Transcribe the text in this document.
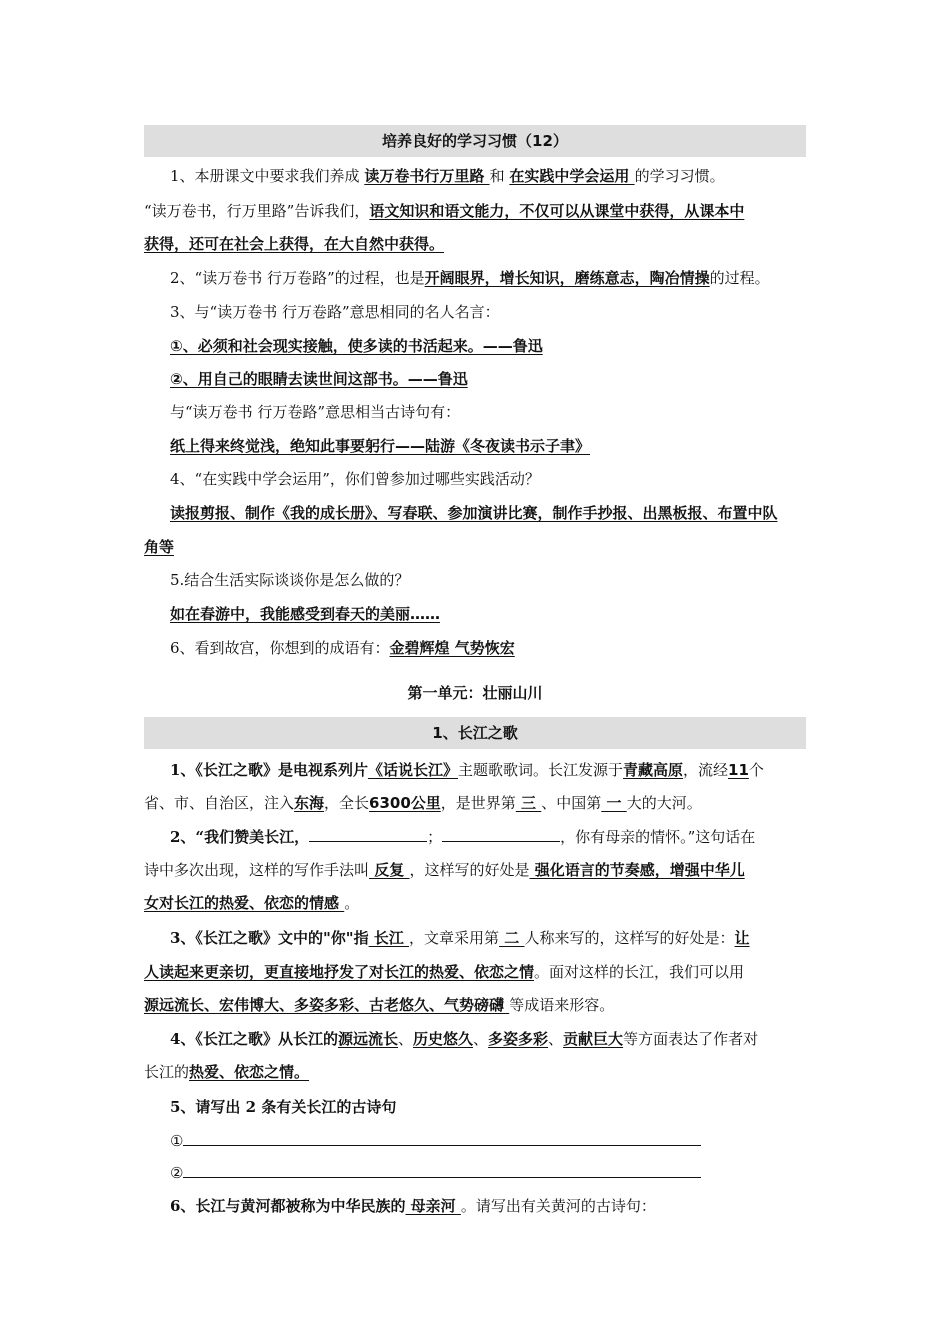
培养良好的学习习惯（12）
1、本册课文中要求我们养成 读万卷书行万里路 和 在实践中学会运用 的学习习惯。
“读万卷书，行万里路”告诉我们，语文知识和语文能力，不仅可以从课堂中获得，从课本中
获得，还可在社会上获得，在大自然中获得。
2、“读万卷书 行万卷路”的过程，也是开阔眼界，增长知识，磨练意志，陶冶情操的过程。
3、与“读万卷书 行万卷路”意思相同的名人名言：
①、必须和社会现实接触，使多读的书活起来。——鲁迅
②、用自己的眼睛去读世间这部书。——鲁迅
与“读万卷书 行万卷路”意思相当古诗句有：
纸上得来终觉浅，绝知此事要躬行——陆游《冬夜读书示子聿》
4、“在实践中学会运用”，你们曾参加过哪些实践活动？
读报剪报、制作《我的成长册》、写春联、参加演讲比赛，制作手抄报、出黑板报、布置中队
角等
5.结合生活实际谈谈你是怎么做的？
如在春游中，我能感受到春天的美丽……
6、看到故宫，你想到的成语有：金碧辉煌 气势恢宏
第一单元：壮丽山川
1、长江之歌
1、《长江之歌》是电视系列片《话说长江》主题歌歌词。长江发源于青藏高原，流经11个
省、市、自治区，注入东海，全长6300公里，是世界第 三 、中国第 一 大的大河。
2、“我们赞美长江，	；	，你有母亲的情怀。”这句话在
诗中多次出现，这样的写作手法叫 反复 ，这样写的好处是 强化语言的节奏感，增强中华儿
女对长江的热爱、依恋的情感 。
3、《长江之歌》文中的"你"指 长江 ，文章采用第 二 人称来写的，这样写的好处是：让
人读起来更亲切，更直接地抒发了对长江的热爱、依恋之情。面对这样的长江，我们可以用
源远流长、宏伟博大、多姿多彩、古老悠久、气势磅礴 等成语来形容。
4、《长江之歌》从长江的源远流长、历史悠久、多姿多彩、贡献巨大等方面表达了作者对
长江的热爱、依恋之情。
5、请写出 2 条有关长江的古诗句
①
②
6、长江与黄河都被称为中华民族的 母亲河 。请写出有关黄河的古诗句：
